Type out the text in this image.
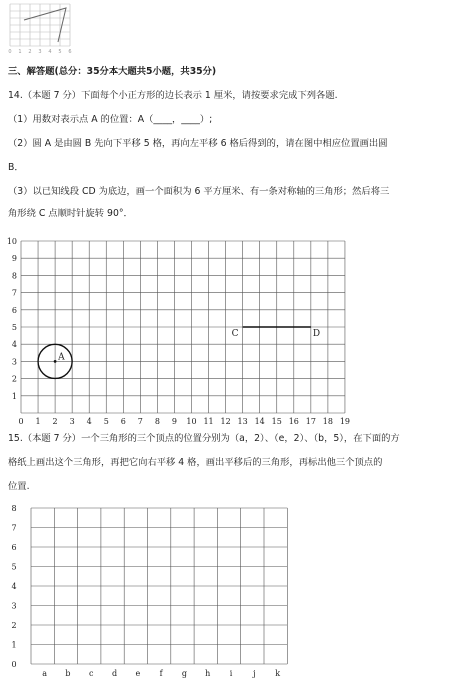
0 1 2 3 4 5 6
三、解答题(总分：35分本大题共5小题，共35分)
14.（本题 7 分）下面每个小正方形的边长表示 1 厘米，请按要求完成下列各题.
（1）用数对表示点 A 的位置：A（____，____）;
（2）圆 A 是由圆 B 先向下平移 5 格，再向左平移 6 格后得到的，请在图中相应位置画出圆
B．
（3）以已知线段 CD 为底边，画一个面积为 6 平方厘米、有一条对称轴的三角形；然后将三
角形绕 C 点顺时针旋转 90°．
0 1 2 3 4 5 6 7 8 9 10 11 12 13 14 15 16 17 18 19
1
2
3
4
5
6
7
8
9
10
A
C	D
15.（本题 7 分）一个三角形的三个顶点的位置分别为（a，2）、（e，2）、（b，5），在下面的方
格纸上画出这个三角形，再把它向右平移 4 格，画出平移后的三角形，再标出他三个顶点的
位置.
a b c d e f g h i	j k
0
1
2
3
4
5
6
7
8
